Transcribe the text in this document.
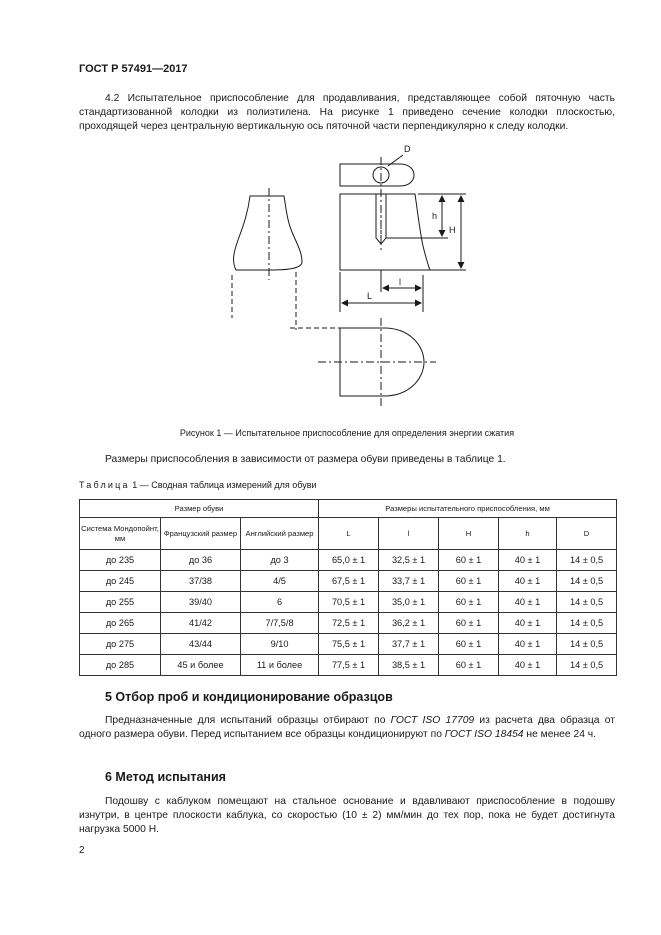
ГОСТ Р 57491—2017
4.2 Испытательное приспособление для продавливания, представляющее собой пяточную часть стандартизованной колодки из полиэтилена. На рисунке 1 приведено сечение колодки плоскостью, проходящей через центральную вертикальную ось пяточной части перпендикулярно к следу колодки.
D
h
H
l
L
Рисунок 1 — Испытательное приспособление для определения энергии сжатия
Размеры приспособления в зависимости от размера обуви приведены в таблице 1.
Таблица 1 — Сводная таблица измерений для обуви
Размер обуви			Размеры испытательного приспособления, мм				
Система Мондопойнт, мм	Французский размер	Английский размер	L	l	H	h	D
до 235	до 36	до 3	65,0 ± 1	32,5 ± 1	60 ± 1	40 ± 1	14 ± 0,5
до 245	37/38	4/5	67,5 ± 1	33,7 ± 1	60 ± 1	40 ± 1	14 ± 0,5
до 255	39/40	6	70,5 ± 1	35,0 ± 1	60 ± 1	40 ± 1	14 ± 0,5
до 265	41/42	7/7,5/8	72,5 ± 1	36,2 ± 1	60 ± 1	40 ± 1	14 ± 0,5
до 275	43/44	9/10	75,5 ± 1	37,7 ± 1	60 ± 1	40 ± 1	14 ± 0,5
до 285	45 и более	11 и более	77,5 ± 1	38,5 ± 1	60 ± 1	40 ± 1	14 ± 0,5
5 Отбор проб и кондиционирование образцов
Предназначенные для испытаний образцы отбирают по ГОСТ ISO 17709 из расчета два образца от одного размера обуви. Перед испытанием все образцы кондиционируют по ГОСТ ISO 18454 не менее 24 ч.
6 Метод испытания
Подошву с каблуком помещают на стальное основание и вдавливают приспособление в подошву изнутри, в центре плоскости каблука, со скоростью (10 ± 2) мм/мин до тех пор, пока не будет достигнута нагрузка 5000 Н.
2
